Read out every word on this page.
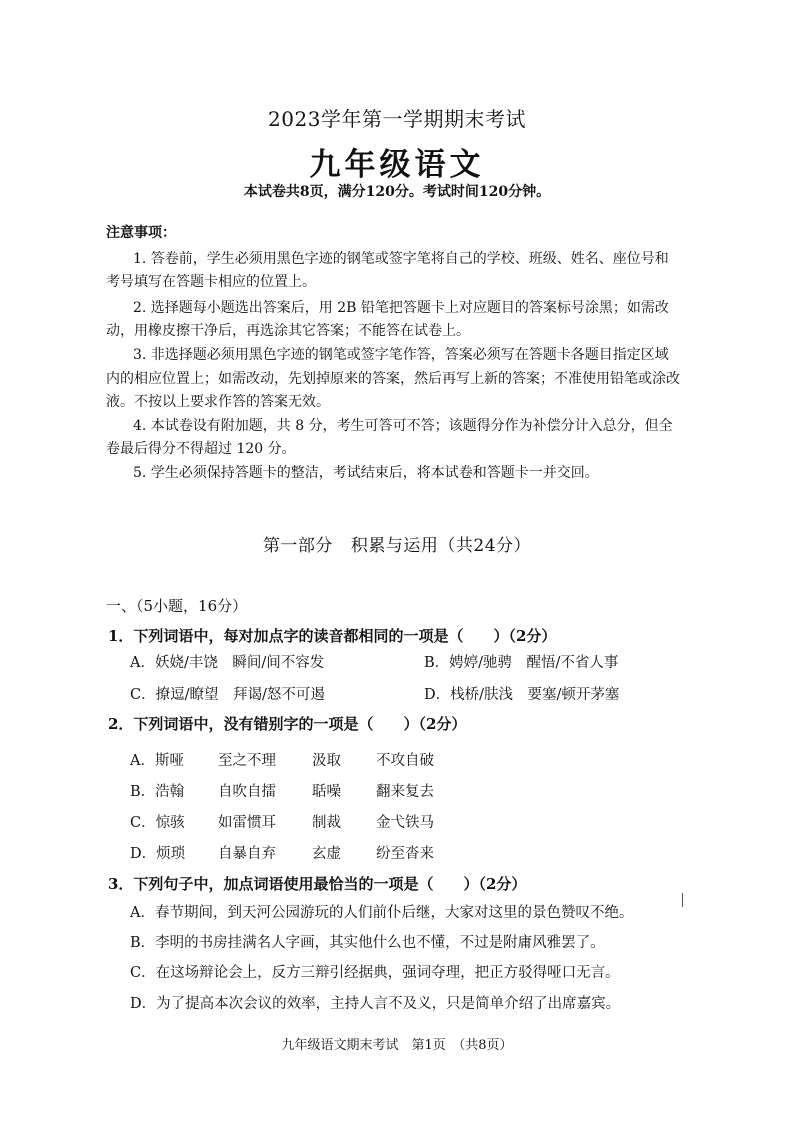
2023学年第一学期期末考试
九年级语文
本试卷共8页，满分120分。考试时间120分钟。
注意事项：
1. 答卷前，学生必须用黑色字迹的钢笔或签字笔将自己的学校、班级、姓名、座位号和
考号填写在答题卡相应的位置上。
2. 选择题每小题选出答案后，用 2B 铅笔把答题卡上对应题目的答案标号涂黑；如需改
动，用橡皮擦干净后，再选涂其它答案；不能答在试卷上。
3. 非选择题必须用黑色字迹的钢笔或签字笔作答，答案必须写在答题卡各题目指定区域
内的相应位置上；如需改动，先划掉原来的答案，然后再写上新的答案；不准使用铅笔或涂改
液。不按以上要求作答的答案无效。
4. 本试卷设有附加题，共 8 分，考生可答可不答；该题得分作为补偿分计入总分，但全
卷最后得分不得超过 120 分。
5. 学生必须保持答题卡的整洁，考试结束后，将本试卷和答题卡一并交回。
第一部分 积累与运用（共24分）
一、（5小题，16分）
1．下列词语中，每对加点字的读音都相同的一项是（　　）（2分）
A．妖娆/丰饶　瞬间/间不容发	B．娉婷/驰骋　醒悟/不省人事
C．撩逗/瞭望　拜谒/怒不可遏	D．栈桥/肤浅　要塞/顿开茅塞
2．下列词语中，没有错别字的一项是（　　）（2分）
A．斯哑 至之不理 汲取 不攻自破
B．浩翰 自吹自擂 聒噪 翻来复去
C．惊骇 如雷惯耳 制裁 金弋铁马
D．烦琐 自暴自弃 玄虚 纷至沓来
3．下列句子中，加点词语使用最恰当的一项是（　　）（2分）
A．春节期间，到天河公园游玩的人们前仆后继，大家对这里的景色赞叹不绝。
B．李明的书房挂满名人字画，其实他什么也不懂，不过是附庸风雅罢了。
C．在这场辩论会上，反方三辩引经据典，强词夺理，把正方驳得哑口无言。
D．为了提高本次会议的效率，主持人言不及义，只是简单介绍了出席嘉宾。
九年级语文期末考试　第1页　（共8页）
